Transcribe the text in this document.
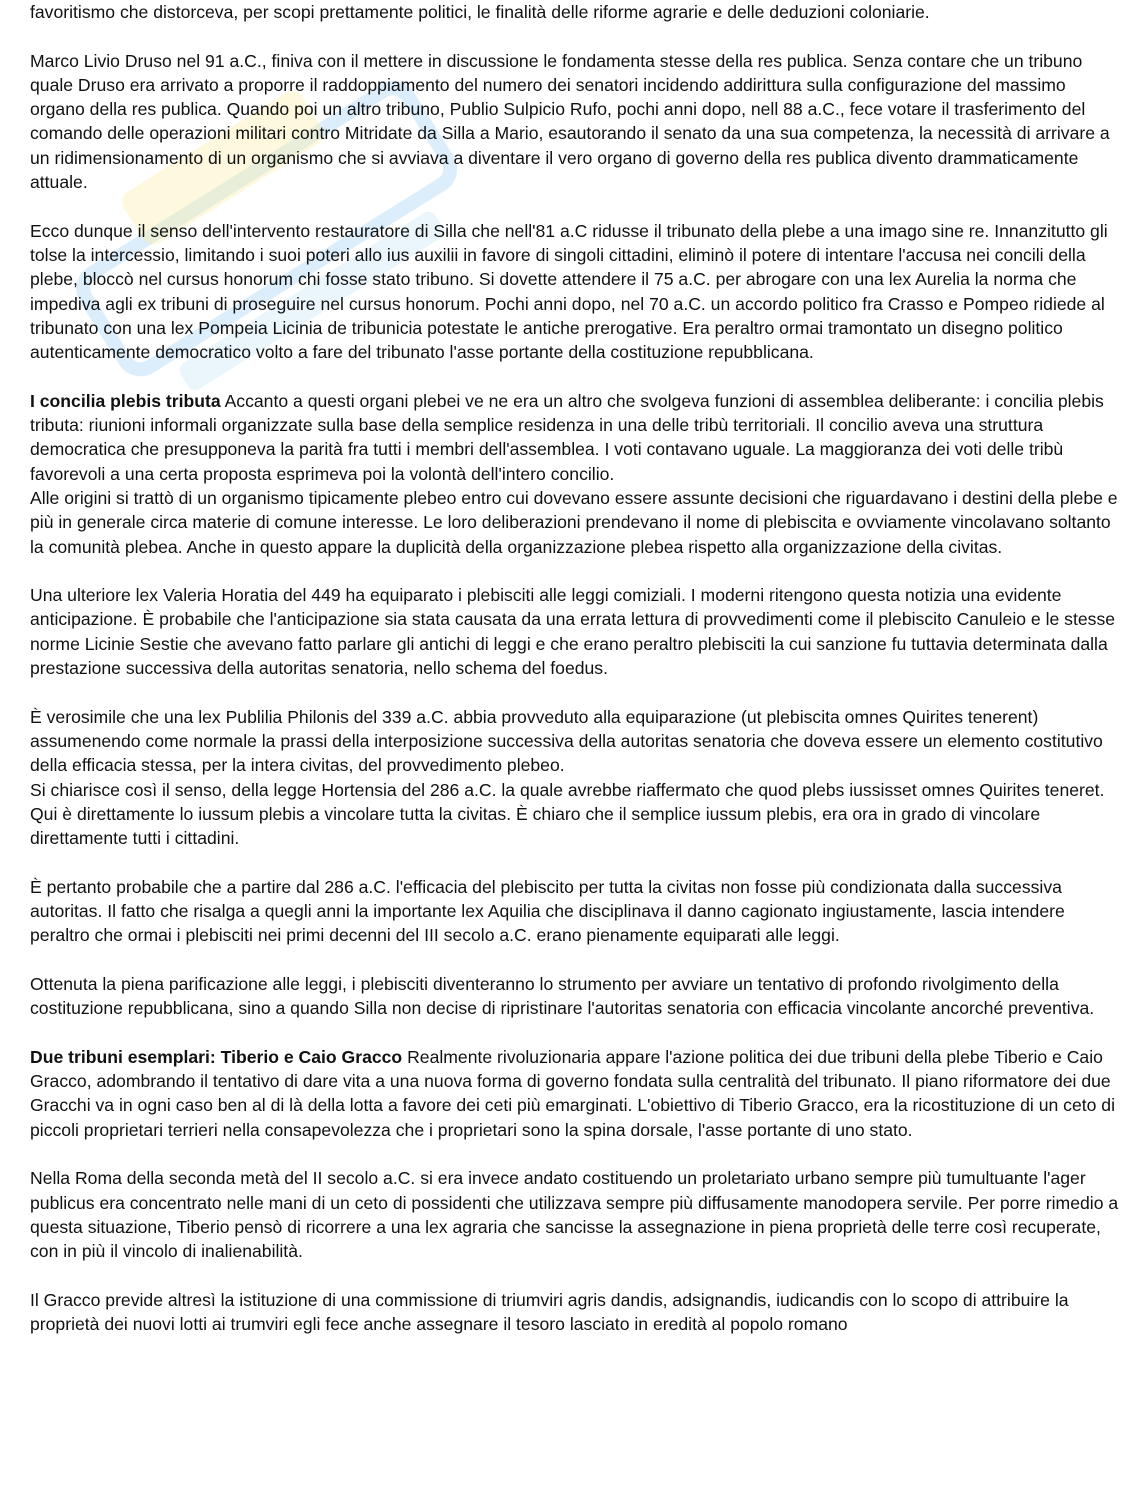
favoritismo che distorceva, per scopi prettamente politici, le finalità delle riforme agrarie e delle deduzioni coloniarie.

Marco Livio Druso nel 91 a.C., finiva con il mettere in discussione le fondamenta stesse della res publica. Senza contare che un tribuno quale Druso era arrivato a proporre il raddoppiamento del numero dei senatori incidendo addirittura sulla configurazione del massimo organo della res publica. Quando poi un altro tribuno, Publio Sulpicio Rufo, pochi anni dopo, nell 88 a.C., fece votare il trasferimento del comando delle operazioni militari contro Mitridate da Silla a Mario, esautorando il senato da una sua competenza, la necessità di arrivare a un ridimensionamento di un organismo che si avviava a diventare il vero organo di governo della res publica divento drammaticamente attuale.

Ecco dunque il senso dell'intervento restauratore di Silla che nell'81 a.C ridusse il tribunato della plebe a una imago sine re. Innanzitutto gli tolse la intercessio, limitando i suoi poteri allo ius auxilii in favore di singoli cittadini, eliminò il potere di intentare l'accusa nei concili della plebe, bloccò nel cursus honorum chi fosse stato tribuno. Si dovette attendere il 75 a.C. per abrogare con una lex Aurelia la norma che impediva agli ex tribuni di proseguire nel cursus honorum. Pochi anni dopo, nel 70 a.C. un accordo politico fra Crasso e Pompeo ridiede al tribunato con una lex Pompeia Licinia de tribunicia potestate le antiche prerogative. Era peraltro ormai tramontato un disegno politico autenticamente democratico volto a fare del tribunato l'asse portante della costituzione repubblicana.

I concilia plebis tributa Accanto a questi organi plebei ve ne era un altro che svolgeva funzioni di assemblea deliberante: i concilia plebis tributa: riunioni informali organizzate sulla base della semplice residenza in una delle tribù territoriali. Il concilio aveva una struttura democratica che presupponeva la parità fra tutti i membri dell'assemblea. I voti contavano uguale. La maggioranza dei voti delle tribù favorevoli a una certa proposta esprimeva poi la volontà dell'intero concilio.

Alle origini si trattò di un organismo tipicamente plebeo entro cui dovevano essere assunte decisioni che riguardavano i destini della plebe e più in generale circa materie di comune interesse. Le loro deliberazioni prendevano il nome di plebiscita e ovviamente vincolavano soltanto la comunità plebea. Anche in questo appare la duplicità della organizzazione plebea rispetto alla organizzazione della civitas.

Una ulteriore lex Valeria Horatia del 449 ha equiparato i plebisciti alle leggi comiziali. I moderni ritengono questa notizia una evidente anticipazione. È probabile che l'anticipazione sia stata causata da una errata lettura di provvedimenti come il plebiscito Canuleio e le stesse norme Licinie Sestie che avevano fatto parlare gli antichi di leggi e che erano peraltro plebisciti la cui sanzione fu tuttavia determinata dalla prestazione successiva della autoritas senatoria, nello schema del foedus.

È verosimile che una lex Publilia Philonis del 339 a.C. abbia provveduto alla equiparazione (ut plebiscita omnes Quirites tenerent) assumenendo come normale la prassi della interposizione successiva della autoritas senatoria che doveva essere un elemento costitutivo della efficacia stessa, per la intera civitas, del provvedimento plebeo.

Si chiarisce così il senso, della legge Hortensia del 286 a.C. la quale avrebbe riaffermato che quod plebs iussisset omnes Quirites teneret. Qui è direttamente lo iussum plebis a vincolare tutta la civitas. È chiaro che il semplice iussum plebis, era ora in grado di vincolare direttamente tutti i cittadini.

È pertanto probabile che a partire dal 286 a.C. l'efficacia del plebiscito per tutta la civitas non fosse più condizionata dalla successiva autoritas. Il fatto che risalga a quegli anni la importante lex Aquilia che disciplinava il danno cagionato ingiustamente, lascia intendere peraltro che ormai i plebisciti nei primi decenni del III secolo a.C. erano pienamente equiparati alle leggi.

Ottenuta la piena parificazione alle leggi, i plebisciti diventeranno lo strumento per avviare un tentativo di profondo rivolgimento della costituzione repubblicana, sino a quando Silla non decise di ripristinare l'autoritas senatoria con efficacia vincolante ancorché preventiva.

Due tribuni esemplari: Tiberio e Caio Gracco Realmente rivoluzionaria appare l'azione politica dei due tribuni della plebe Tiberio e Caio Gracco, adombrando il tentativo di dare vita a una nuova forma di governo fondata sulla centralità del tribunato. Il piano riformatore dei due Gracchi va in ogni caso ben al di là della lotta a favore dei ceti più emarginati. L'obiettivo di Tiberio Gracco, era la ricostituzione di un ceto di piccoli proprietari terrieri nella consapevolezza che i proprietari sono la spina dorsale, l'asse portante di uno stato.

Nella Roma della seconda metà del II secolo a.C. si era invece andato costituendo un proletariato urbano sempre più tumultuante l'ager publicus era concentrato nelle mani di un ceto di possidenti che utilizzava sempre più diffusamente manodopera servile. Per porre rimedio a questa situazione, Tiberio pensò di ricorrere a una lex agraria che sancisse la assegnazione in piena proprietà delle terre così recuperate, con in più il vincolo di inalienabilità.

Il Gracco previde altresì la istituzione di una commissione di triumviri agris dandis, adsignandis, iudicandis con lo scopo di attribuire la proprietà dei nuovi lotti ai trumviri egli fece anche assegnare il tesoro lasciato in eredità al popolo romano
